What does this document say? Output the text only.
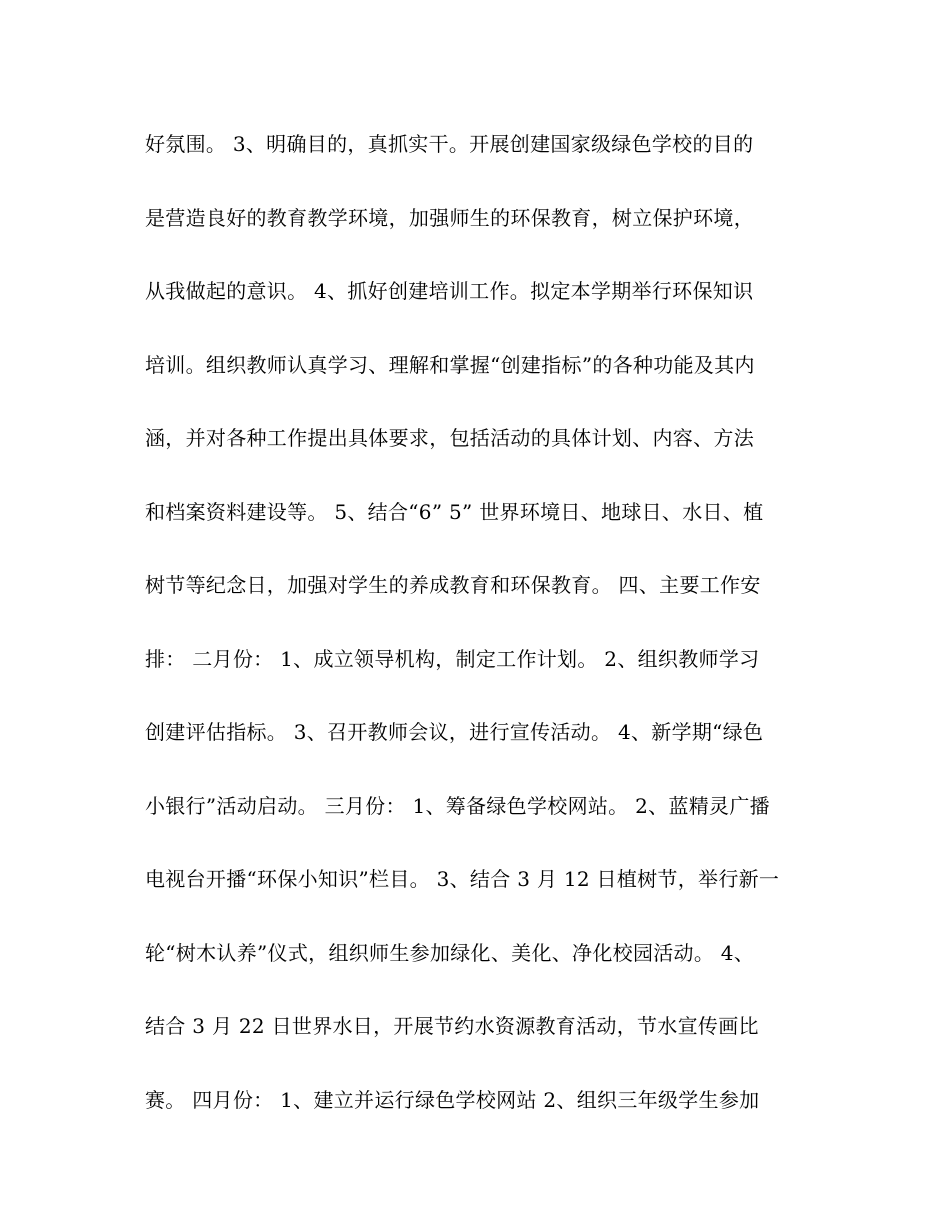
好氛围。 3、明确目的，真抓实干。开展创建国家级绿色学校的目的
是营造良好的教育教学环境，加强师生的环保教育，树立保护环境，
从我做起的意识。 4、抓好创建培训工作。拟定本学期举行环保知识
培训。组织教师认真学习、理解和掌握“创建指标”的各种功能及其内
涵，并对各种工作提出具体要求，包括活动的具体计划、内容、方法
和档案资料建设等。 5、结合“6” 5” 世界环境日、地球日、水日、植
树节等纪念日，加强对学生的养成教育和环保教育。 四、主要工作安
排： 二月份： 1、成立领导机构，制定工作计划。 2、组织教师学习
创建评估指标。 3、召开教师会议，进行宣传活动。 4、新学期“绿色
小银行”活动启动。 三月份： 1、筹备绿色学校网站。 2、蓝精灵广播
电视台开播“环保小知识”栏目。 3、结合 3 月 12 日植树节，举行新一
轮“树木认养”仪式，组织师生参加绿化、美化、净化校园活动。 4、
结合 3 月 22 日世界水日，开展节约水资源教育活动，节水宣传画比
赛。 四月份： 1、建立并运行绿色学校网站 2、组织三年级学生参加
